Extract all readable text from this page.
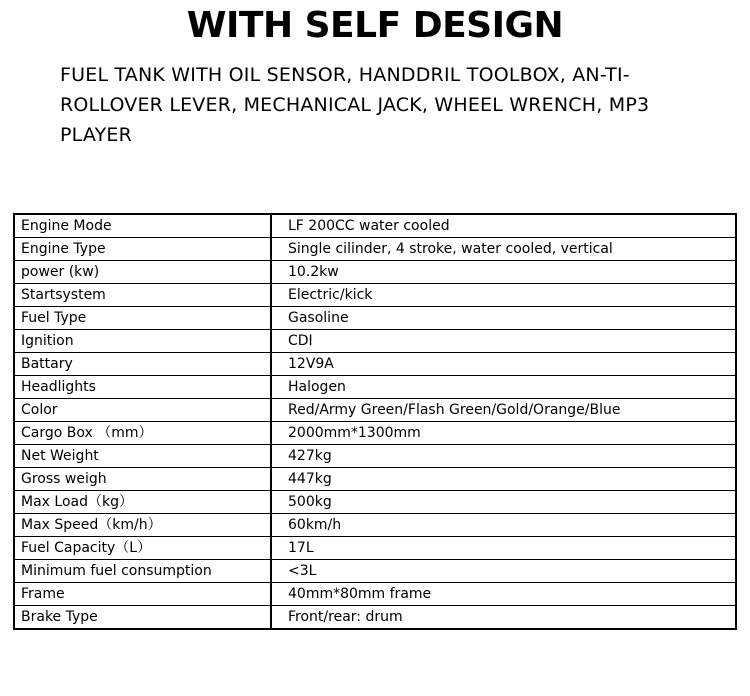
WITH SELF DESIGN

FUEL TANK WITH OIL SENSOR, HANDDRIL TOOLBOX, AN-TI-ROLLOVER LEVER, MECHANICAL JACK, WHEEL WRENCH, MP3 PLAYER

Engine Mode	LF 200CC water cooled
Engine Type	Single cilinder, 4 stroke, water cooled, vertical
power (kw)	10.2kw
Startsystem	Electric/kick
Fuel Type	Gasoline
Ignition	CDI
Battary	12V9A
Headlights	Halogen
Color	Red/Army Green/Flash Green/Gold/Orange/Blue
Cargo Box （mm）	2000mm*1300mm
Net Weight	427kg
Gross weigh	447kg
Max Load（kg）	500kg
Max Speed（km/h）	60km/h
Fuel Capacity（L）	17L
Minimum fuel consumption	<3L
Frame	40mm*80mm frame
Brake Type	Front/rear: drum
